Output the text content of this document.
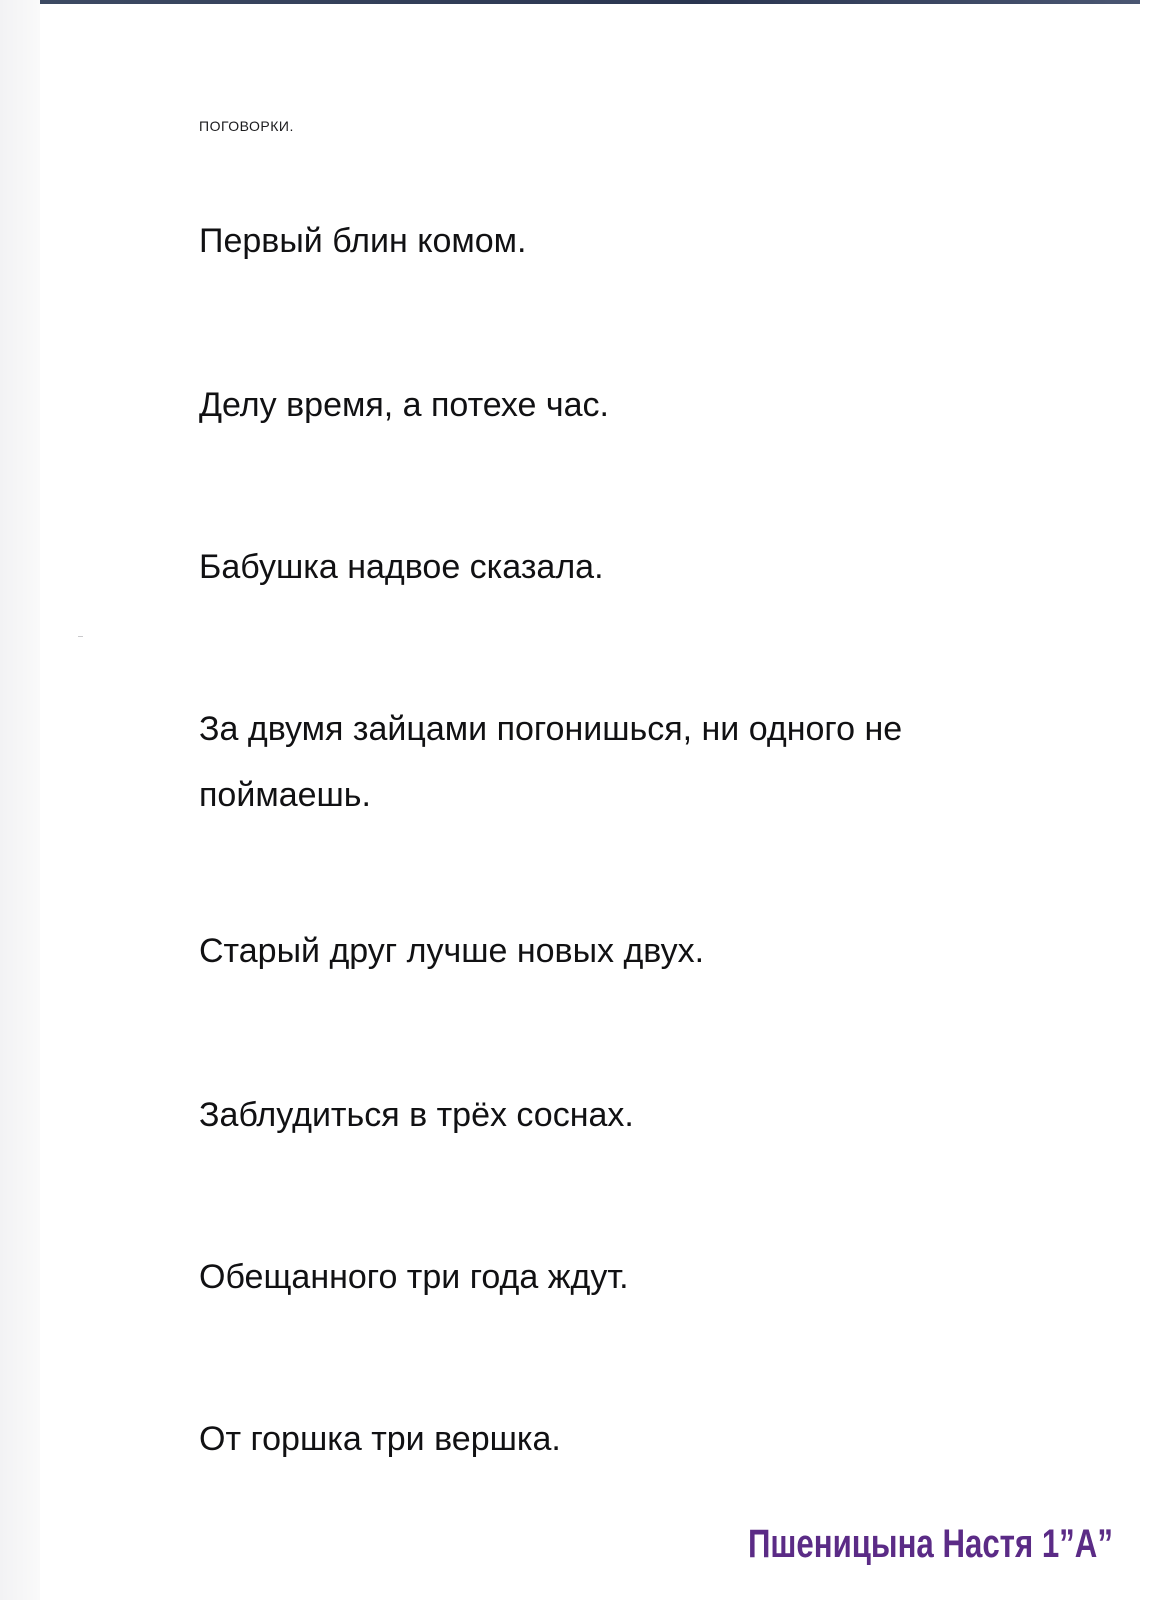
ПОГОВОРКИ.
Первый блин комом.
Делу время, а потехе час.
Бабушка надвое сказала.
За двумя зайцами погонишься, ни одного не
поймаешь.
Старый друг лучше новых двух.
Заблудиться в трёх соснах.
Обещанного три года ждут.
От горшка три вершка.
Пшеницына Настя 1”А”
